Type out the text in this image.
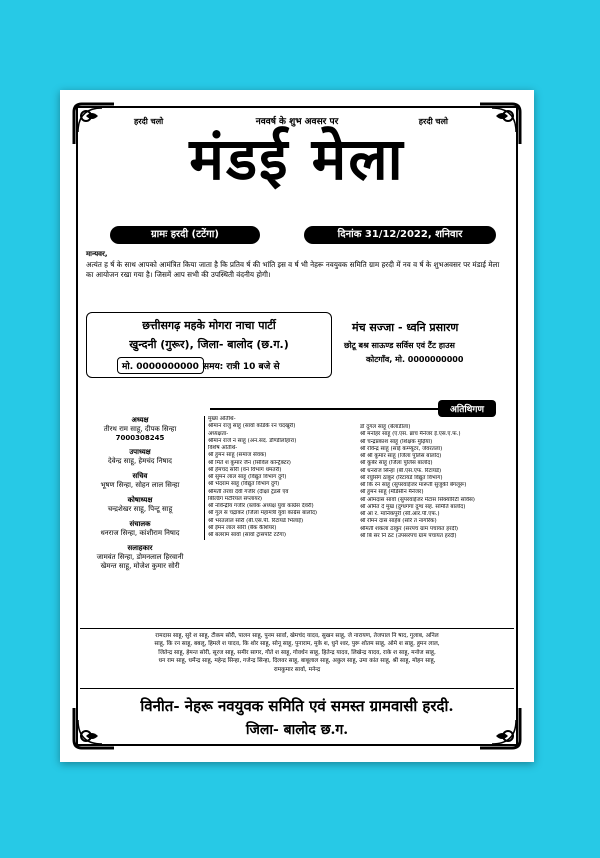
हरदी चलो	हरदी चलो
नववर्ष के शुभ अवसर पर
मंडई मेला
ग्रामः हरदी (टटेंगा)	दिनांक 31/12/2022, शनिवार
मान्यवर,
अत्यंत ह र्ष के साथ आपको आमंत्रित किया जाता है कि प्रतिव र्ष की भांति इस व र्ष भी नेहरू नवयुवक समिति ग्राम हरदी में नव व र्ष के शुभअवसर पर मंडाई मेला का आयोजन रखा गया है। जिसमें आप सभी की उपस्थिती वंदनीय होगी।
छत्तीसगढ़ महके मोगरा नाचा पार्टी
खुन्दनी (गुरूर), जिला- बालोद (छ.ग.)
मो. 0000000000 समय: रात्री 10 बजे से
मंच सज्जा - ध्वनि प्रसारण
छोटू बश्र साऊण्ड सर्विस एवं टैंट हाउस
कोटगाँव, मो. 0000000000
अतिथिगण
अध्यक्ष
तीरथ राम साहू, दीपक सिन्हा
7000308245
उपाध्यक्ष
देवेन्द्र साहू, हेमचंद निषाद
सचिव
भूषण सिन्हा, सोहन लाल सिन्हा
कोषाध्यक्ष
चन्द्रशेखर साहू, पिन्टू साहू
संचालक
धनराज सिन्हा, कांशीराम निषाद
सलाहकार
जामवंत सिन्हा, डोमनलाल हिरवानी
खेमन्त साहू, मोजेश कुमार सोरी
मुख्य अतिथि-
श्रीमान राजु साहू (सार्वा कंडिके रन चंदखुरी)
अध्यक्षता-
श्रीमान राजे न साहू (अन.सद. डौण्डीलोहारा)
विशेष अतिथि-
श्री हुमन साहू (समाज सेवक)
श्री मिते श कुमार जैन (सिविल कॉन्ट्रैक्टर)
श्री हेमचंद सोरी (वन विभाग धमतरी)
श्री सुमन लाल साहू (विद्युत विभाग दुर्ग)
श्री भेदराम साहू (विद्युत विभाग दुर्ग)
श्रीमती तरवा देवी गंजीर (दीक्षा ट्रेडर्स एवं
बिल्डिंग मटेरियल सप्लायर)
श्री नोवेन्द्रीय गंजीर (ब्लॉक अध्यक्ष युवा कांग्रेस देवरी)
श्री गुल स चंद्राकर (जिला महामंत्री युवा कांग्रेस बालोद)
श्री भरतलाल सोरी (बी.एस.पी. रिटायर्ड भिलाई)
श्री ईमन लाल सोरी (बैंक कैशियर)
श्री बलराम सार्वा (सार्वा ट्रांसपोर्ट टटेंगा)
डॉ दुगल साहू (बेलाडीला)
श्री मनोहर साहू (ए.एस. ब्रांच मैनेजर ई.एस.ए.फ.)
श्री चन्द्रप्रकाश साहू (शिक्षक मुढ़िया)
श्री रविन्द्र साहू (साई कम्प्यूटर, जेवरतला)
श्री श्री कुमार साहू (जिला पुलिस बालोद)
श्री कुबेर साहू (जिला पुलिस बालोद)
श्री धनराज सिन्हा (बी.एस.एफ. रिटायर्ड)
श्री रघुसिंग ठाकुर (रिटायर्ड विद्युत विभाग)
श्री कि रन साहू (सुपरवाईजर मारूती सुजुकी बेंगलूरू)
श्री हुमन साहू (मेडिसीन मैनेजर)
श्री ओमदास सार्वा (सुपरवाईजर मेटास सिक्योरिटी सर्विस)
श्री अमित दे मुख (दुग्धगंगा दुग्ध सह. समिति बालोद)
श्री आ र. मानिकपुरी (सी.आर.पी.एफ.)
श्री रोमन दास साहेब (सरि त नागरिक)
श्रीमती शकला ठाकुर (सरपंच ग्राम पंचायत हरदी)
श्री बि सर नि ठट (उपसरपंच ग्राम पंचायत हरदी)
रामदास साहू, सुरे श साहू, टीकम सोरी, पालन साहू, पुनम सार्वा, खेमचंद यादव, सुखन साहू, जे नारायण, तेजपाल नि षाद, गुलाब, अनिल
साहू, कि रन साहू, बबलू, हिमले श यादव, कि शोर साहू, सोनू साहू, पुनाराम, मुके श, धुने श्वर, पुरू शोतम साहू, ओमे श साहू, हुमन लाल,
जितेन्द्र साहू, हेमन्त सोरी, सूरज साहू, समीर सागर, गौते श साहू, गोवर्धन साहू, हितेन्द्र यादव, लिखेन्द्र यादव, राके श साहू, मनोज साहू,
धन राम साहू, धर्मेन्द्र साहू, महेन्द्र सिन्हा, गजेन्द्र सिन्हा, दिलवर साहू, बाबूलाल साहू, अकुल साहू, उमा कांत साहू, श्री साहू, मोहन साहू,
रामकुमार सार्वा, मनेन्द्र
विनीत- नेहरू नवयुवक समिति एवं समस्त ग्रामवासी हरदी.
जिला- बालोद छ.ग.
